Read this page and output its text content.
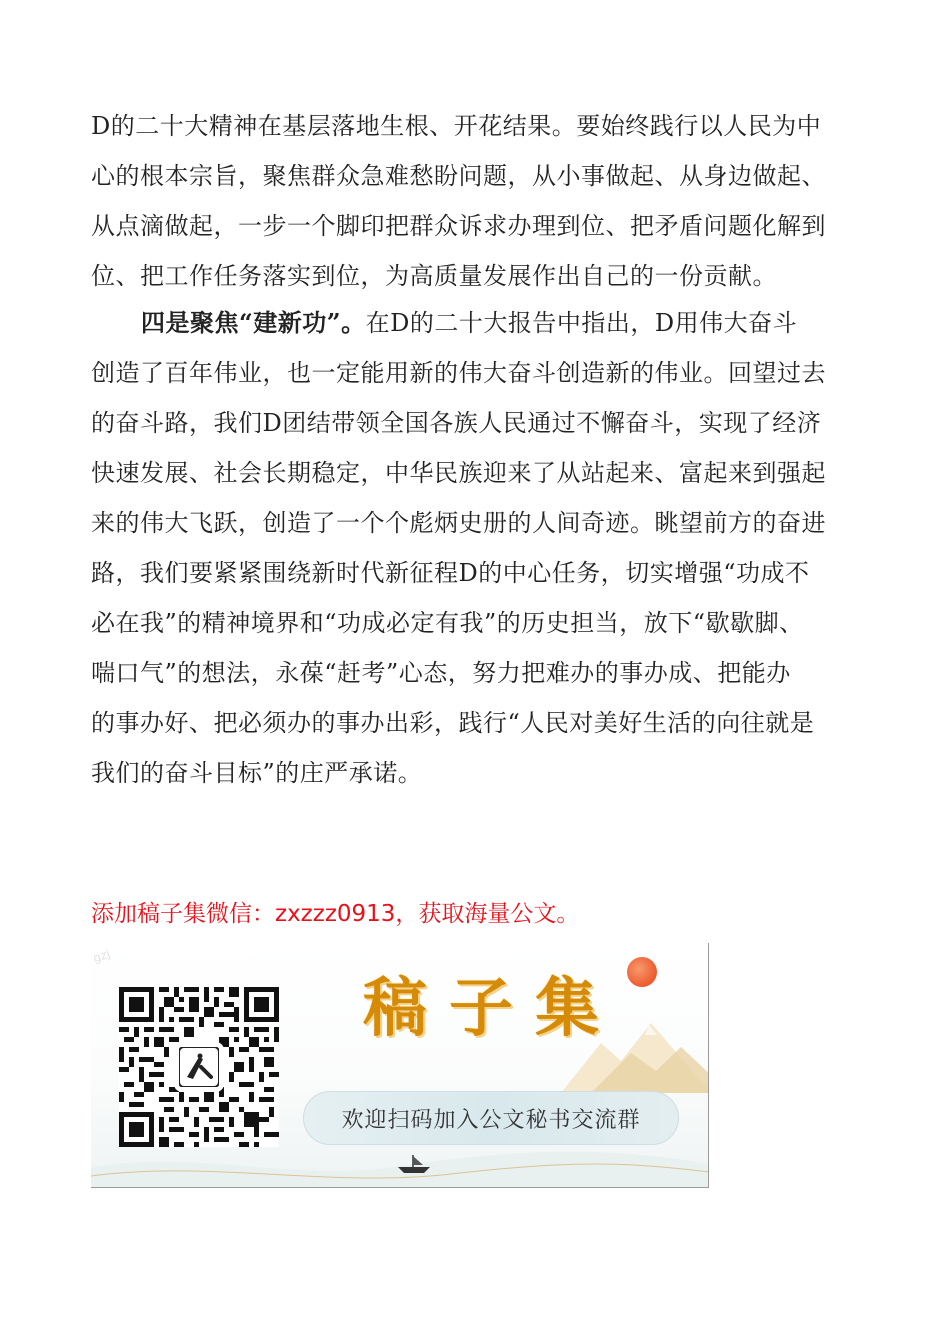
D的二十大精神在基层落地生根、开花结果。要始终践行以人民为中
心的根本宗旨，聚焦群众急难愁盼问题，从小事做起、从身边做起、
从点滴做起，一步一个脚印把群众诉求办理到位、把矛盾问题化解到
位、把工作任务落实到位，为高质量发展作出自己的一份贡献。
四是聚焦“建新功”。在D的二十大报告中指出，D用伟大奋斗
创造了百年伟业，也一定能用新的伟大奋斗创造新的伟业。回望过去
的奋斗路，我们D团结带领全国各族人民通过不懈奋斗，实现了经济
快速发展、社会长期稳定，中华民族迎来了从站起来、富起来到强起
来的伟大飞跃，创造了一个个彪炳史册的人间奇迹。眺望前方的奋进
路，我们要紧紧围绕新时代新征程D的中心任务，切实增强“功成不
必在我”的精神境界和“功成必定有我”的历史担当，放下“歇歇脚、
喘口气”的想法，永葆“赶考”心态，努力把难办的事办成、把能办
的事办好、把必须办的事办出彩，践行“人民对美好生活的向往就是
我们的奋斗目标”的庄严承诺。
添加稿子集微信：zxzzz0913，获取海量公文。
gzj
稿子集
欢迎扫码加入公文秘书交流群
